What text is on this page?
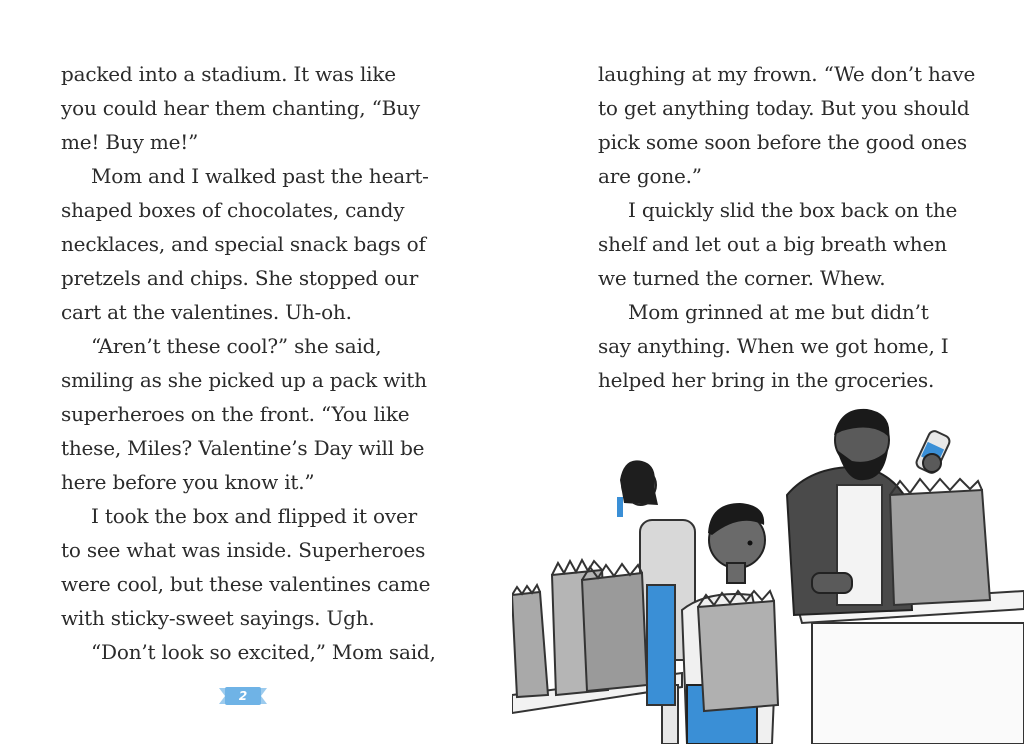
packed into a stadium. It was like
you could hear them chanting, “Buy
me! Buy me!”
Mom and I walked past the heart-
shaped boxes of chocolates, candy
necklaces, and special snack bags of
pretzels and chips. She stopped our
cart at the valentines. Uh-oh.
“Aren’t these cool?” she said,
smiling as she picked up a pack with
superheroes on the front. “You like
these, Miles? Valentine’s Day will be
here before you know it.”
I took the box and flipped it over
to see what was inside. Superheroes
were cool, but these valentines came
with sticky-sweet sayings. Ugh.
“Don’t look so excited,” Mom said,
2
laughing at my frown. “We don’t have
to get anything today. But you should
pick some soon before the good ones
are gone.”
I quickly slid the box back on the
shelf and let out a big breath when
we turned the corner. Whew.
Mom grinned at me but didn’t
say anything. When we got home, I
helped her bring in the groceries.
